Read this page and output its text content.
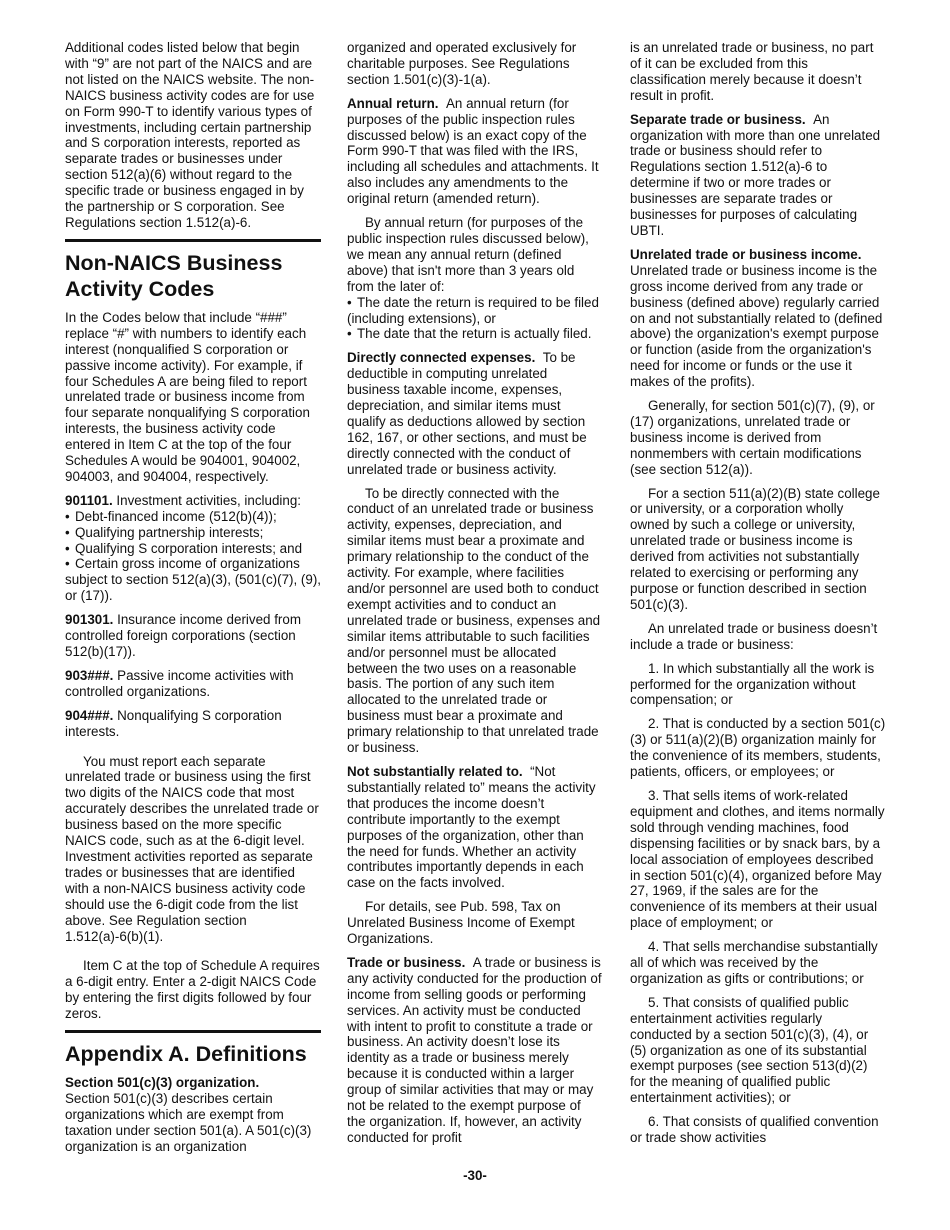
Additional codes listed below that begin with “9” are not part of the NAICS and are not listed on the NAICS website. The non-NAICS business activity codes are for use on Form 990-T to identify various types of investments, including certain partnership and S corporation interests, reported as separate trades or businesses under section 512(a)(6) without regard to the specific trade or business engaged in by the partnership or S corporation. See Regulations section 1.512(a)-6.

Non-NAICS Business Activity Codes

In the Codes below that include “###” replace “#” with numbers to identify each interest (nonqualified S corporation or passive income activity). For example, if four Schedules A are being filed to report unrelated trade or business income from four separate nonqualifying S corporation interests, the business activity code entered in Item C at the top of the four Schedules A would be 904001, 904002, 904003, and 904004, respectively.

901101. Investment activities, including:
• Debt-financed income (512(b)(4));
• Qualifying partnership interests;
• Qualifying S corporation interests; and
• Certain gross income of organizations subject to section 512(a)(3), (501(c)(7), (9), or (17)).

901301. Insurance income derived from controlled foreign corporations (section 512(b)(17)).

903###. Passive income activities with controlled organizations.

904###. Nonqualifying S corporation interests.

You must report each separate unrelated trade or business using the first two digits of the NAICS code that most accurately describes the unrelated trade or business based on the more specific NAICS code, such as at the 6-digit level. Investment activities reported as separate trades or businesses that are identified with a non-NAICS business activity code should use the 6-digit code from the list above. See Regulation section 1.512(a)-6(b)(1).

Item C at the top of Schedule A requires a 6-digit entry. Enter a 2-digit NAICS Code by entering the first digits followed by four zeros.

Appendix A. Definitions

Section 501(c)(3) organization.
Section 501(c)(3) describes certain organizations which are exempt from taxation under section 501(a). A 501(c)(3) organization is an organization

organized and operated exclusively for charitable purposes. See Regulations section 1.501(c)(3)-1(a).

Annual return. An annual return (for purposes of the public inspection rules discussed below) is an exact copy of the Form 990-T that was filed with the IRS, including all schedules and attachments. It also includes any amendments to the original return (amended return).

By annual return (for purposes of the public inspection rules discussed below), we mean any annual return (defined above) that isn't more than 3 years old from the later of:

• The date the return is required to be filed (including extensions), or
• The date that the return is actually filed.

Directly connected expenses. To be deductible in computing unrelated business taxable income, expenses, depreciation, and similar items must qualify as deductions allowed by section 162, 167, or other sections, and must be directly connected with the conduct of unrelated trade or business activity.

To be directly connected with the conduct of an unrelated trade or business activity, expenses, depreciation, and similar items must bear a proximate and primary relationship to the conduct of the activity. For example, where facilities and/or personnel are used both to conduct exempt activities and to conduct an unrelated trade or business, expenses and similar items attributable to such facilities and/or personnel must be allocated between the two uses on a reasonable basis. The portion of any such item allocated to the unrelated trade or business must bear a proximate and primary relationship to that unrelated trade or business.

Not substantially related to. “Not substantially related to” means the activity that produces the income doesn’t contribute importantly to the exempt purposes of the organization, other than the need for funds. Whether an activity contributes importantly depends in each case on the facts involved.

For details, see Pub. 598, Tax on Unrelated Business Income of Exempt Organizations.

Trade or business. A trade or business is any activity conducted for the production of income from selling goods or performing services. An activity must be conducted with intent to profit to constitute a trade or business. An activity doesn’t lose its identity as a trade or business merely because it is conducted within a larger group of similar activities that may or may not be related to the exempt purpose of the organization. If, however, an activity conducted for profit

is an unrelated trade or business, no part of it can be excluded from this classification merely because it doesn’t result in profit.

Separate trade or business. An organization with more than one unrelated trade or business should refer to Regulations section 1.512(a)-6 to determine if two or more trades or businesses are separate trades or businesses for purposes of calculating UBTI.

Unrelated trade or business income.
Unrelated trade or business income is the gross income derived from any trade or business (defined above) regularly carried on and not substantially related to (defined above) the organization's exempt purpose or function (aside from the organization's need for income or funds or the use it makes of the profits).

Generally, for section 501(c)(7), (9), or (17) organizations, unrelated trade or business income is derived from nonmembers with certain modifications (see section 512(a)).

For a section 511(a)(2)(B) state college or university, or a corporation wholly owned by such a college or university, unrelated trade or business income is derived from activities not substantially related to exercising or performing any purpose or function described in section 501(c)(3).

An unrelated trade or business doesn’t include a trade or business:

1. In which substantially all the work is performed for the organization without compensation; or

2. That is conducted by a section 501(c)(3) or 511(a)(2)(B) organization mainly for the convenience of its members, students, patients, officers, or employees; or

3. That sells items of work-related equipment and clothes, and items normally sold through vending machines, food dispensing facilities or by snack bars, by a local association of employees described in section 501(c)(4), organized before May 27, 1969, if the sales are for the convenience of its members at their usual place of employment; or

4. That sells merchandise substantially all of which was received by the organization as gifts or contributions; or

5. That consists of qualified public entertainment activities regularly conducted by a section 501(c)(3), (4), or (5) organization as one of its substantial exempt purposes (see section 513(d)(2) for the meaning of qualified public entertainment activities); or

6. That consists of qualified convention or trade show activities

-30-
